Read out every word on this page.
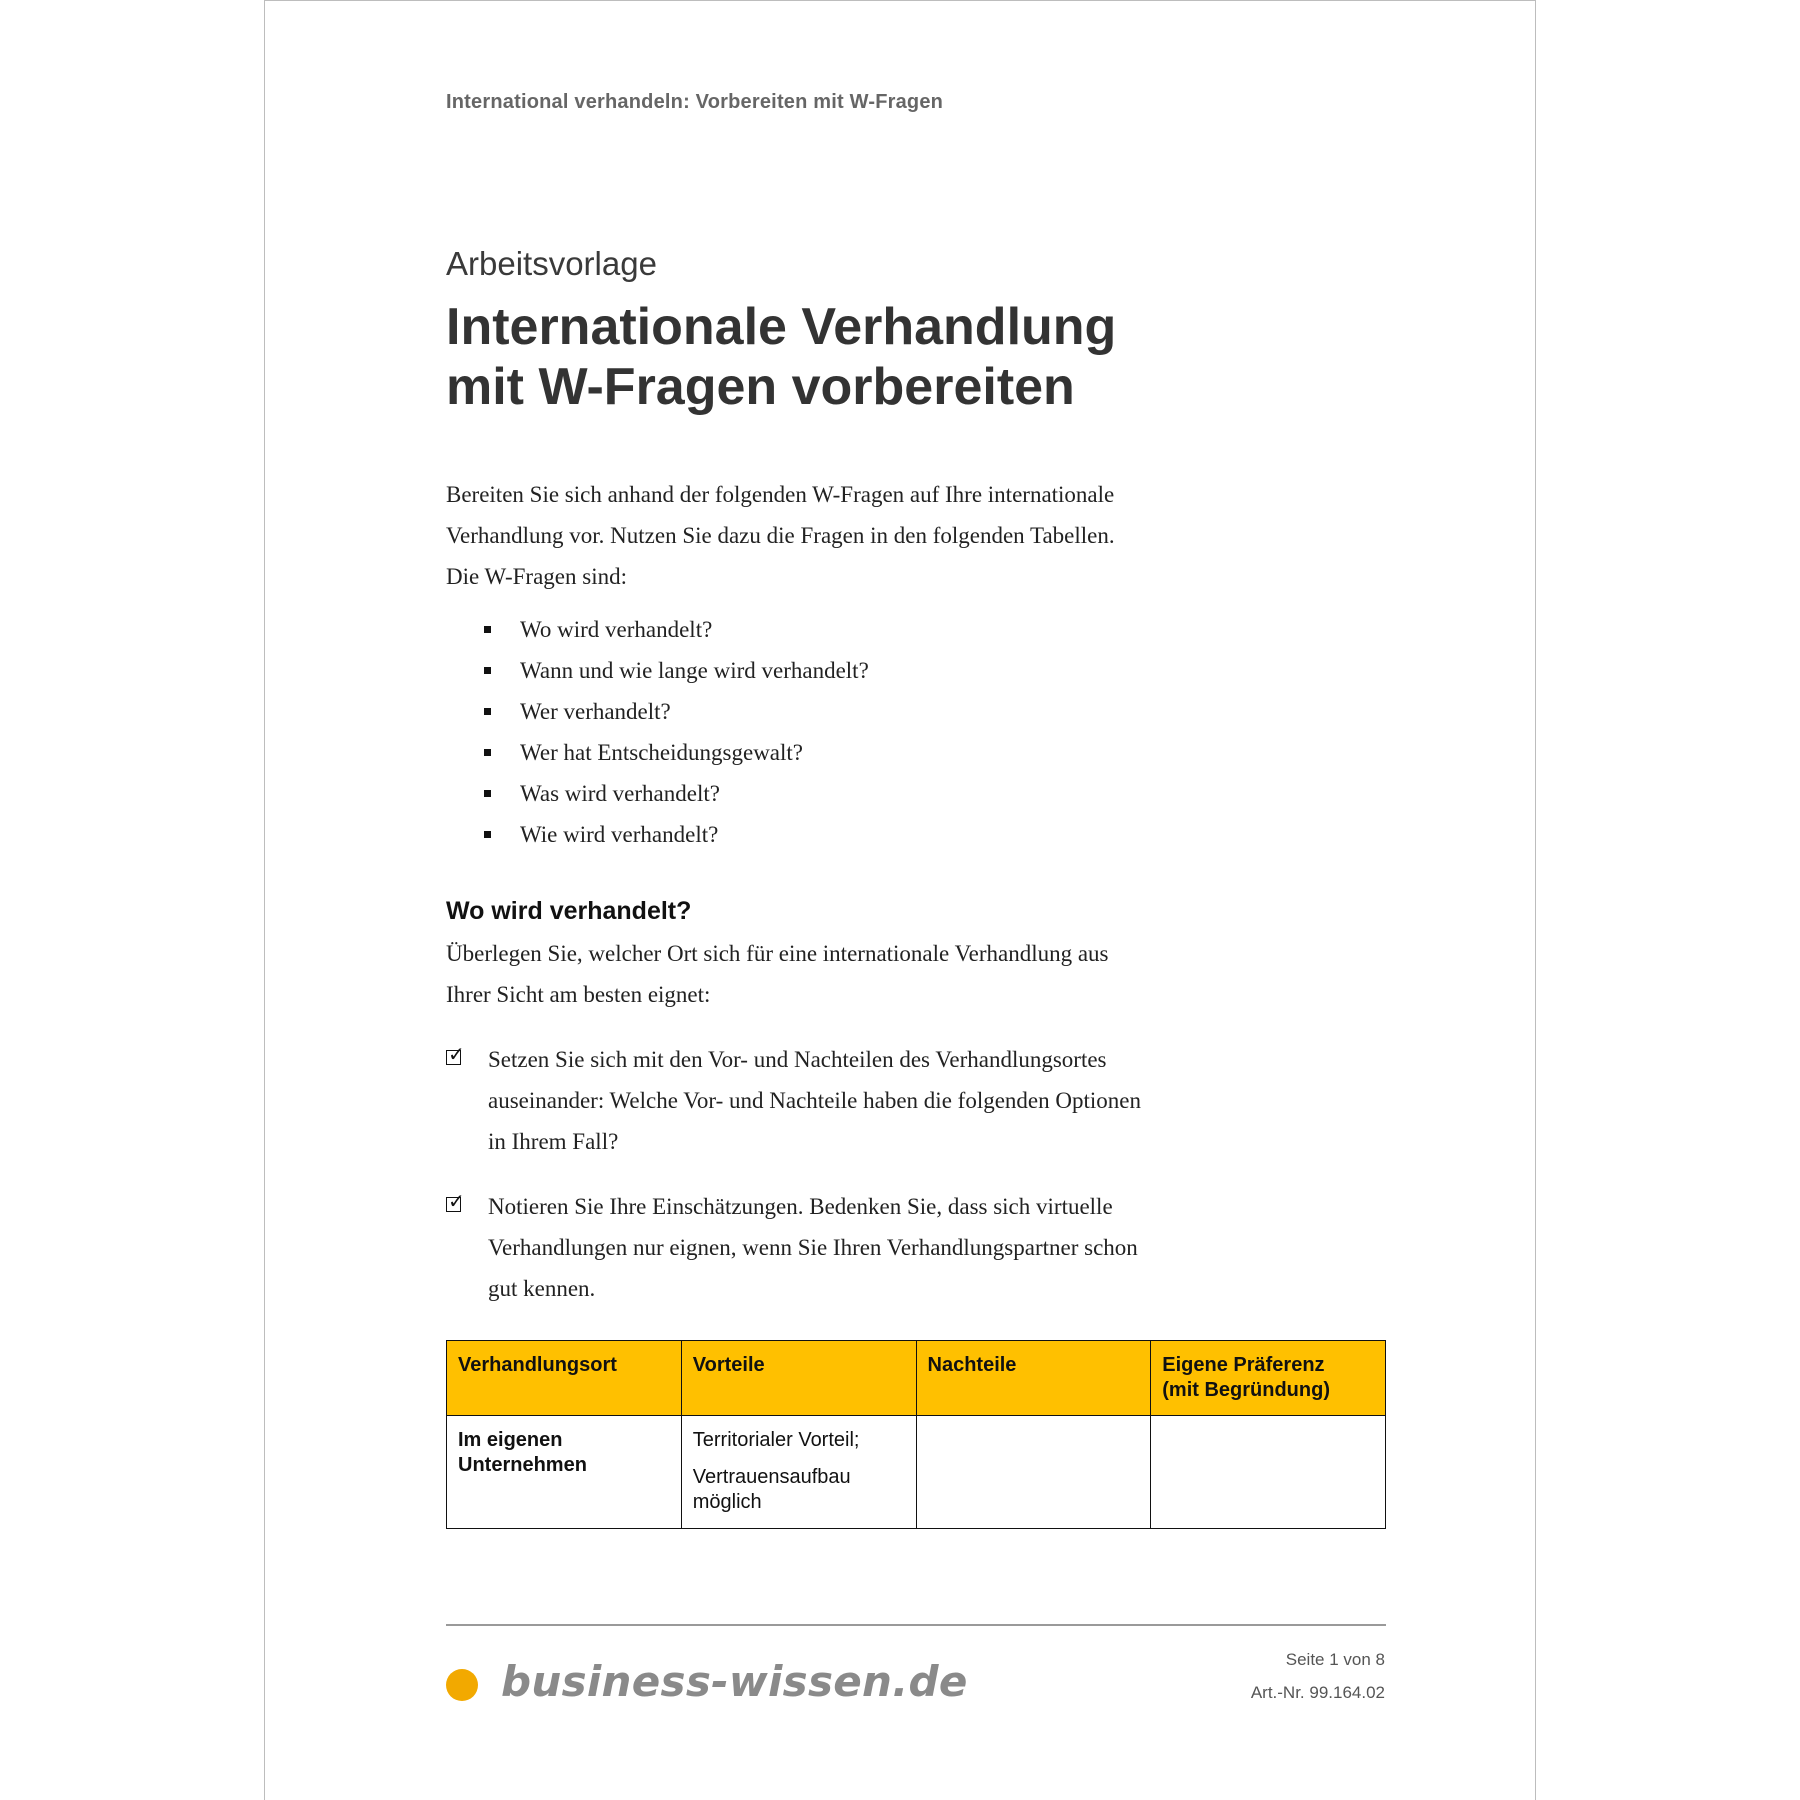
International verhandeln: Vorbereiten mit W-Fragen
Arbeitsvorlage
Internationale Verhandlung
mit W-Fragen vorbereiten
Bereiten Sie sich anhand der folgenden W-Fragen auf Ihre internationale
Verhandlung vor. Nutzen Sie dazu die Fragen in den folgenden Tabellen.
Die W-Fragen sind:
Wo wird verhandelt?
Wann und wie lange wird verhandelt?
Wer verhandelt?
Wer hat Entscheidungsgewalt?
Was wird verhandelt?
Wie wird verhandelt?
Wo wird verhandelt?
Überlegen Sie, welcher Ort sich für eine internationale Verhandlung aus
Ihrer Sicht am besten eignet:
✓ Setzen Sie sich mit den Vor- und Nachteilen des Verhandlungsortes
auseinander: Welche Vor- und Nachteile haben die folgenden Optionen
in Ihrem Fall?
✓ Notieren Sie Ihre Einschätzungen. Bedenken Sie, dass sich virtuelle
Verhandlungen nur eignen, wenn Sie Ihren Verhandlungspartner schon
gut kennen.
Verhandlungsort	Vorteile	Nachteile	Eigene Präferenz
(mit Begründung)

Im eigenen
Unternehmen	Territorialer Vorteil;
Vertrauensaufbau
möglich		

business-wissen.de	Seite 1 von 8
Art.-Nr. 99.164.02
